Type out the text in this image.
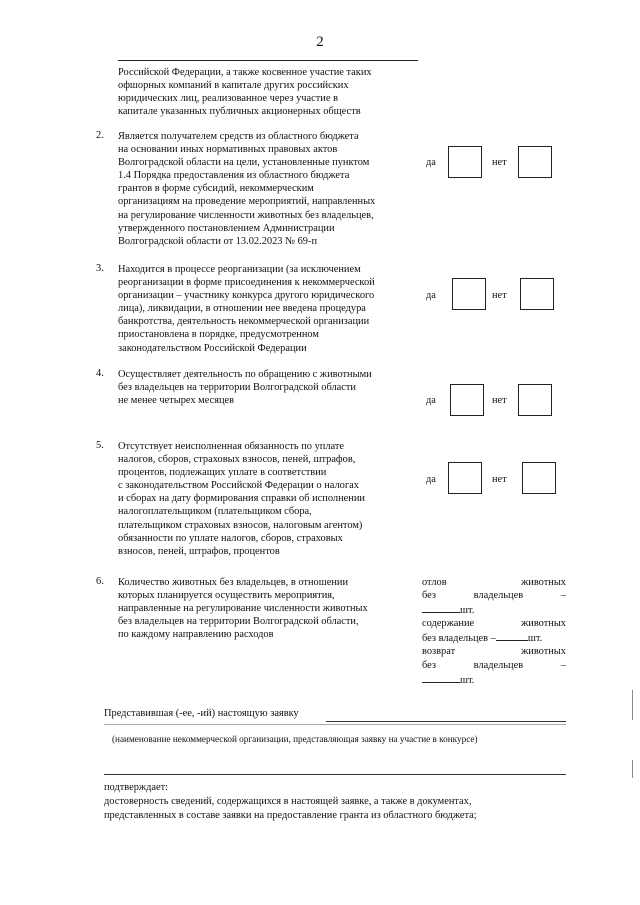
2
Российской Федерации, а также косвенное участие таких
офшорных компаний в капитале других российских
юридических лиц, реализованное через участие в
капитале указанных публичных акционерных обществ
2. Является получателем средств из областного бюджета
на основании иных нормативных правовых актов
Волгоградской области на цели, установленные пунктом
1.4 Порядка предоставления из областного бюджета
грантов в форме субсидий, некоммерческим
организациям на проведение мероприятий, направленных
на регулирование численности животных без владельцев,
утвержденного постановлением Администрации
Волгоградской области от 13.02.2023 № 69-п
да	нет
3. Находится в процессе реорганизации (за исключением
реорганизации в форме присоединения к некоммерческой
организации – участнику конкурса другого юридического
лица), ликвидации, в отношении нее введена процедура
банкротства, деятельность некоммерческой организации
приостановлена в порядке, предусмотренном
законодательством Российской Федерации
да	нет
4. Осуществляет деятельность по обращению с животными
без владельцев на территории Волгоградской области
не менее четырех месяцев	да	нет
5. Отсутствует неисполненная обязанность по уплате
налогов, сборов, страховых взносов, пеней, штрафов,
процентов, подлежащих уплате в соответствии
с законодательством Российской Федерации о налогах
и сборах на дату формирования справки об исполнении
налогоплательщиком (плательщиком сбора,
плательщиком страховых взносов, налоговым агентом)
обязанности по уплате налогов, сборов, страховых
взносов, пеней, штрафов, процентов
да	нет
6. Количество животных без владельцев, в отношении
которых планируется осуществить мероприятия,
направленные на регулирование численности животных
без владельцев на территории Волгоградской области,
по каждому направлению расходов
отлов животных
без владельцев –
шт.
содержание животных
без владельцев –	шт.
возврат животных
без владельцев –
шт.
Представившая (-ее, -ий) настоящую заявку
(наименование некоммерческой организации, представляющая заявку на участие в конкурсе)
подтверждает:
достоверность сведений, содержащихся в настоящей заявке, а также в документах,
представленных в составе заявки на предоставление гранта из областного бюджета;
